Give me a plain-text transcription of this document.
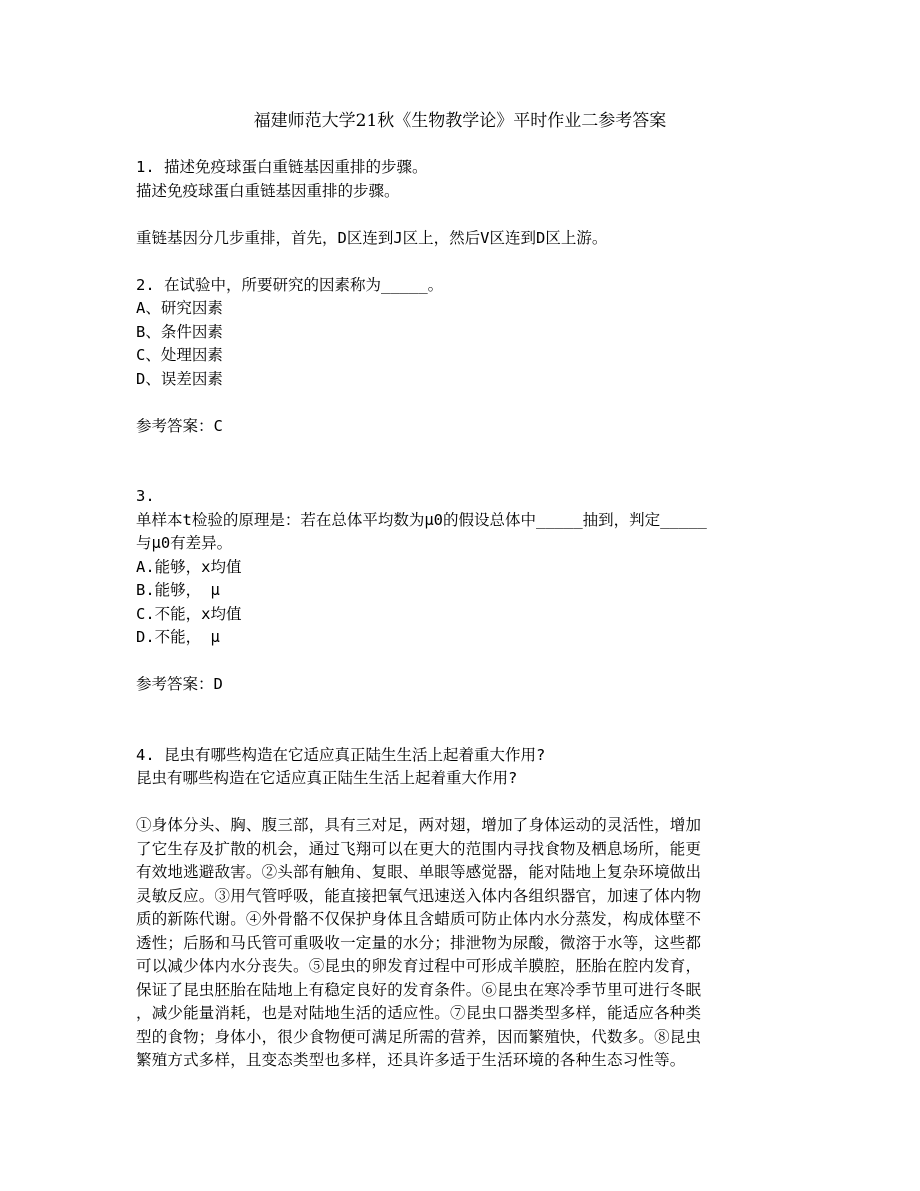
福建师范大学21秋《生物教学论》平时作业二参考答案
1. 描述免疫球蛋白重链基因重排的步骤。
描述免疫球蛋白重链基因重排的步骤。
重链基因分几步重排，首先，D区连到J区上，然后V区连到D区上游。
2. 在试验中，所要研究的因素称为_____。
A、研究因素
B、条件因素
C、处理因素
D、误差因素
参考答案：C
3.
单样本t检验的原理是：若在总体平均数为μ0的假设总体中_____抽到，判定_____
与μ0有差异。
A.能够，x均值
B.能够， μ
C.不能，x均值
D.不能， μ
参考答案：D
4. 昆虫有哪些构造在它适应真正陆生生活上起着重大作用?
昆虫有哪些构造在它适应真正陆生生活上起着重大作用?
①身体分头、胸、腹三部，具有三对足，两对翅，增加了身体运动的灵活性，增加
了它生存及扩散的机会，通过飞翔可以在更大的范围内寻找食物及栖息场所，能更
有效地逃避敌害。②头部有触角、复眼、单眼等感觉器，能对陆地上复杂环境做出
灵敏反应。③用气管呼吸，能直接把氧气迅速送入体内各组织器官，加速了体内物
质的新陈代谢。④外骨骼不仅保护身体且含蜡质可防止体内水分蒸发，构成体壁不
透性；后肠和马氏管可重吸收一定量的水分；排泄物为尿酸，微溶于水等，这些都
可以减少体内水分丧失。⑤昆虫的卵发育过程中可形成羊膜腔，胚胎在腔内发育，
保证了昆虫胚胎在陆地上有稳定良好的发育条件。⑥昆虫在寒冷季节里可进行冬眠
，减少能量消耗，也是对陆地生活的适应性。⑦昆虫口器类型多样，能适应各种类
型的食物；身体小，很少食物便可满足所需的营养，因而繁殖快，代数多。⑧昆虫
繁殖方式多样，且变态类型也多样，还具许多适于生活环境的各种生态习性等。
